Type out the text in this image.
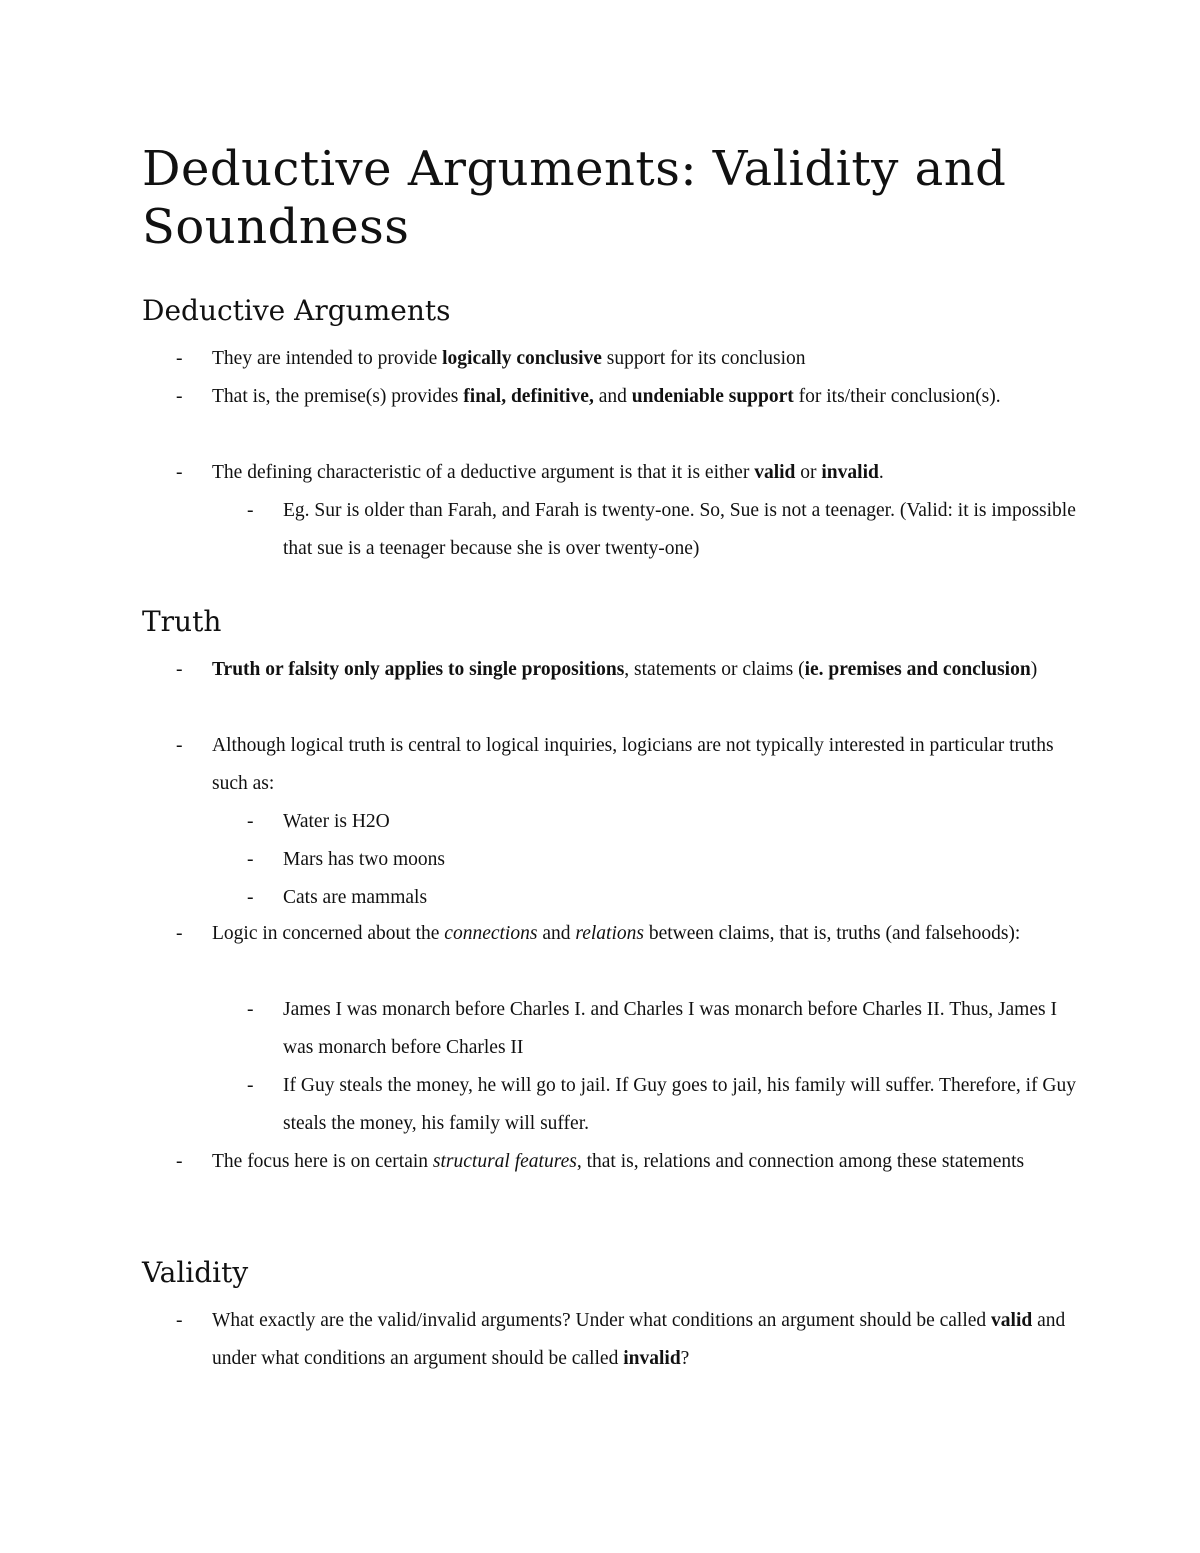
Deductive Arguments: Validity and Soundness
Deductive Arguments

- They are intended to provide logically conclusive support for its conclusion

- That is, the premise(s) provides final, definitive, and undeniable support for its/their conclusion(s).

- The defining characteristic of a deductive argument is that it is either valid or invalid.

- Eg. Sur is older than Farah, and Farah is twenty-one. So, Sue is not a teenager. (Valid: it is impossible that sue is a teenager because she is over twenty-one)

Truth

- Truth or falsity only applies to single propositions, statements or claims (ie. premises and conclusion)

- Although logical truth is central to logical inquiries, logicians are not typically interested in particular truths such as:

- Water is H2O

- Mars has two moons

- Cats are mammals

- Logic in concerned about the connections and relations between claims, that is, truths (and falsehoods):

- James I was monarch before Charles I. and Charles I was monarch before Charles II. Thus, James I was monarch before Charles II

- If Guy steals the money, he will go to jail. If Guy goes to jail, his family will suffer. Therefore, if Guy steals the money, his family will suffer.

- The focus here is on certain structural features, that is, relations and connection among these statements

Validity

- What exactly are the valid/invalid arguments? Under what conditions an argument should be called valid and under what conditions an argument should be called invalid?
